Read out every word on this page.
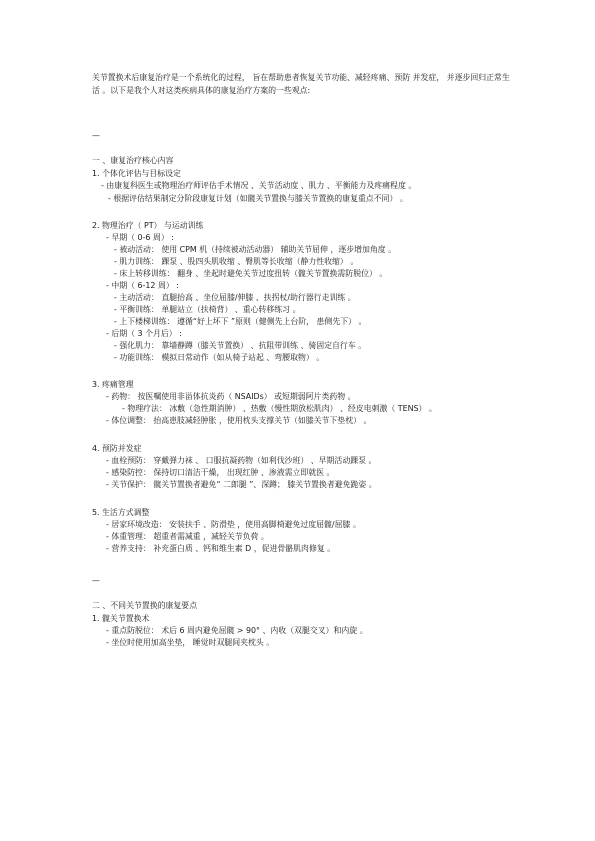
关节置换术后康复治疗是一个系统化的过程， 旨在帮助患者恢复关节功能、减轻疼痛、预防 并发症， 并逐步回归正常生活 。以下是我个人对这类疾病具体的康复治疗方案的一些观点:
—
一 、康复治疗核心内容
1. 个体化评估与目标设定
- 由康复科医生或物理治疗师评估手术情况 、关节活动度 、肌力 、平衡能力及疼痛程度 。
- 根据评估结果制定分阶段康复计划（如髋关节置换与膝关节置换的康复重点不同） 。
2. 物理治疗（ PT） 与运动训练
- 早期（ 0-6 周） :
- 被动活动： 使用 CPM 机（持续被动活动器） 辅助关节屈伸 ，逐步增加角度 。
- 肌力训练： 踝泵 、股四头肌收缩 、臀肌等长收缩（静力性收缩） 。
- 床上转移训练： 翻身 、坐起时避免关节过度扭转（髋关节置换需防脱位） 。
- 中期（ 6-12 周） :
- 主动活动： 直腿抬高 、坐位屈膝/伸膝 、扶拐杖/助行器行走训练 。
- 平衡训练： 单腿站立（扶椅背） 、重心转移练习 。
- 上下楼梯训练： 遵循“好上坏下 ”原则（健侧先上台阶， 患侧先下） 。
- 后期（ 3 个月后） :
- 强化肌力： 靠墙静蹲（膝关节置换） 、抗阻带训练 、骑固定自行车 。
- 功能训练： 模拟日常动作（如从椅子站起 、弯腰取物） 。
3. 疼痛管理
- 药物： 按医嘱使用非甾体抗炎药（ NSAIDs） 或短期弱阿片类药物 。
- 物理疗法： 冰敷（急性期消肿） 、热敷（慢性期放松肌肉） 、经皮电刺激（ TENS） 。
- 体位调整： 抬高患肢减轻肿胀 ，使用枕头支撑关节（如膝关节下垫枕） 。
4. 预防并发症
- 血栓预防： 穿戴弹力袜 、 口服抗凝药物（如利伐沙班） 、早期活动踝泵 。
- 感染防控： 保持切口清洁干燥， 出现红肿 、渗液需立即就医 。
- 关节保护： 髋关节置换者避免“ 二郎腿 ”、深蹲； 膝关节置换者避免跪姿 。
5. 生活方式调整
- 居家环境改造： 安装扶手 、防滑垫 ，使用高脚椅避免过度屈髋/屈膝 。
- 体重管理： 超重者需减重 ，减轻关节负荷 。
- 营养支持： 补充蛋白质 、钙和维生素 D ，促进骨骼肌肉修复 。
—
二 、不同关节置换的康复要点
1. 髋关节置换术
- 重点防脱位： 术后 6 周内避免屈髋 > 90° 、内收（双腿交叉）和内旋 。
- 坐位时使用加高坐垫， 睡觉时双腿间夹枕头 。
